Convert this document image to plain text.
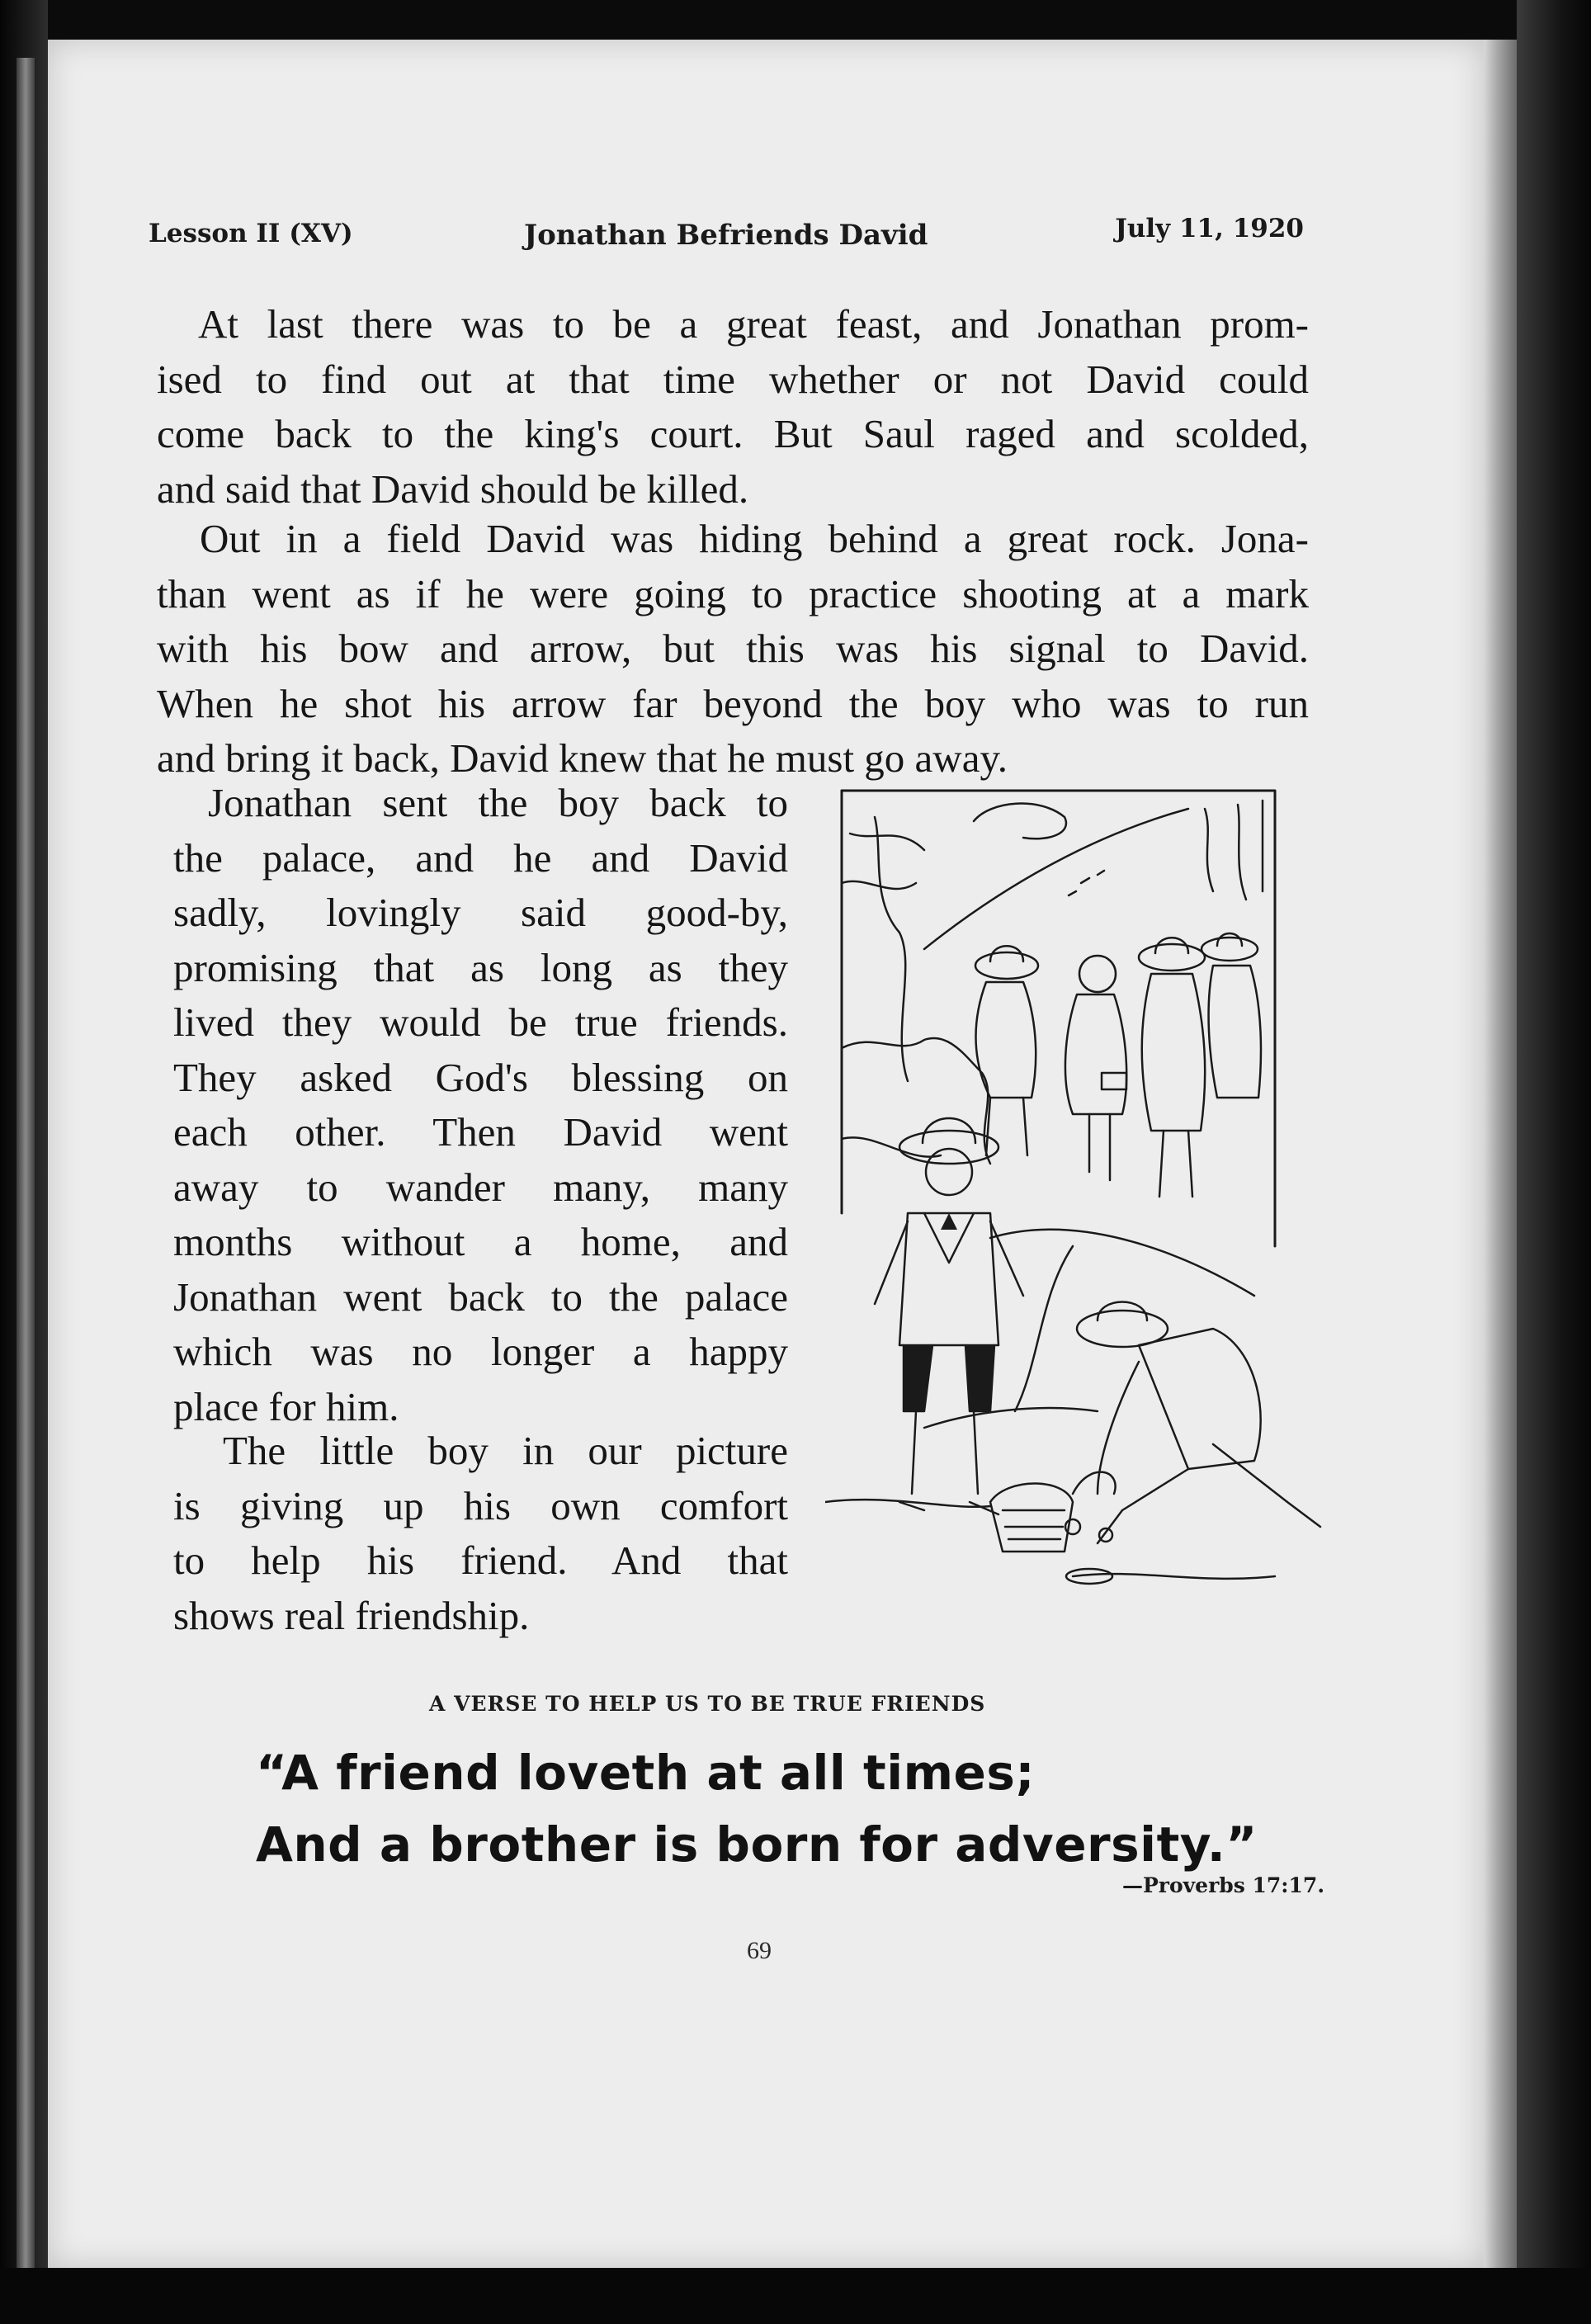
Lesson II (XV)	Jonathan Befriends David	July 11, 1920
At last there was to be a great feast, and Jonathan prom-
ised to find out at that time whether or not David could
come back to the king's court. But Saul raged and scolded,
and said that David should be killed.
Out in a field David was hiding behind a great rock. Jona-
than went as if he were going to practice shooting at a mark
with his bow and arrow, but this was his signal to David.
When he shot his arrow far beyond the boy who was to run
and bring it back, David knew that he must go away.
Jonathan sent the boy back to
the palace, and he and David
sadly, lovingly said good-by,
promising that as long as they
lived they would be true friends.
They asked God's blessing on
each other. Then David went
away to wander many, many
months without a home, and
Jonathan went back to the palace
which was no longer a happy
place for him.
The little boy in our picture
is giving up his own comfort
to help his friend. And that
shows real friendship.
A VERSE TO HELP US TO BE TRUE FRIENDS
“A friend loveth at all times;
And a brother is born for adversity.”
—Proverbs 17:17.
69
